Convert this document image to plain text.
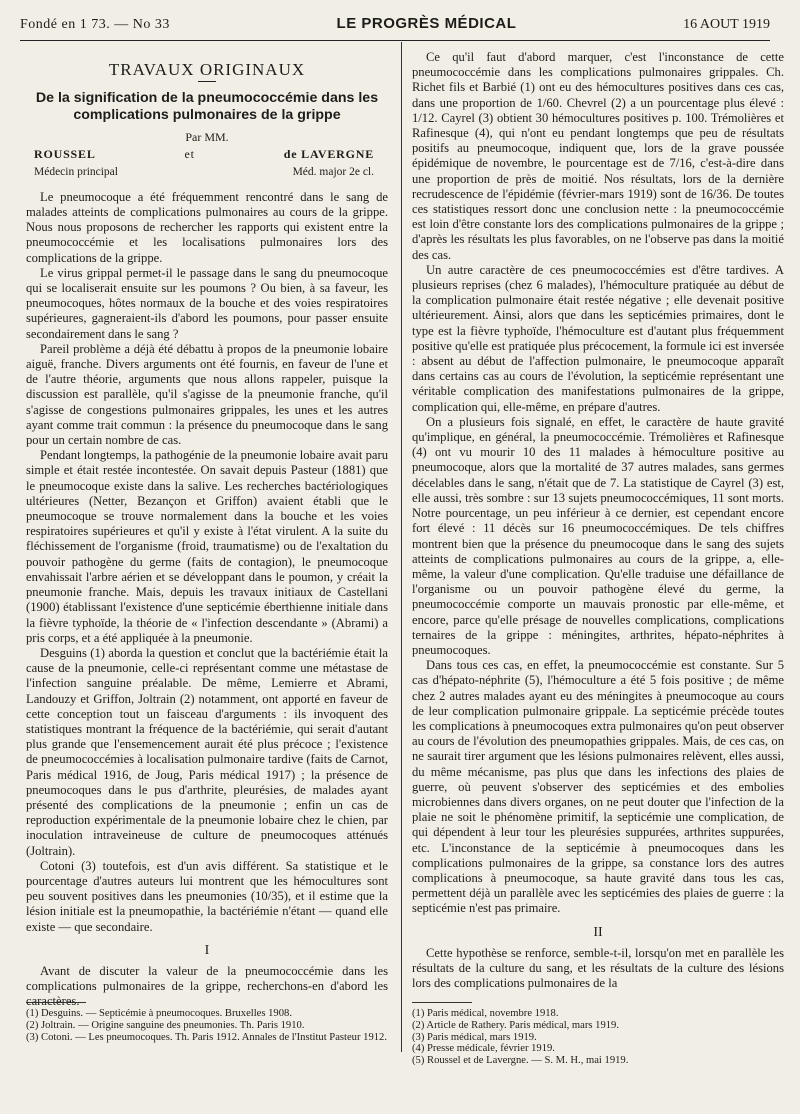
Fondé en 1 73. — No 33	LE PROGRÈS MÉDICAL	16 AOUT 1919
TRAVAUX ORIGINAUX
De la signification de la pneumococcémie dans les complications pulmonaires de la grippe
Par MM.
ROUSSEL	et	de LAVERGNE
Médecin principal	Méd. major 2e cl.

Le pneumocoque a été fréquemment rencontré dans le sang de malades atteints de complications pulmonaires au cours de la grippe. Nous nous proposons de rechercher les rapports qui existent entre la pneumococcémie et les localisations pulmonaires lors des complications de la grippe.

Le virus grippal permet-il le passage dans le sang du pneumocoque qui se localiserait ensuite sur les poumons ? Ou bien, à sa faveur, les pneumocoques, hôtes normaux de la bouche et des voies respiratoires supérieures, gagneraient-ils d'abord les poumons, pour passer ensuite secondairement dans le sang ?

Pareil problème a déjà été débattu à propos de la pneumonie lobaire aiguë, franche. Divers arguments ont été fournis, en faveur de l'une et de l'autre théorie, arguments que nous allons rappeler, puisque la discussion est parallèle, qu'il s'agisse de la pneumonie franche, qu'il s'agisse de congestions pulmonaires grippales, les unes et les autres ayant comme trait commun : la présence du pneumocoque dans le sang pour un certain nombre de cas.

Pendant longtemps, la pathogénie de la pneumonie lobaire avait paru simple et était restée incontestée. On savait depuis Pasteur (1881) que le pneumocoque existe dans la salive. Les recherches bactériologiques ultérieures (Netter, Bezançon et Griffon) avaient établi que le pneumocoque se trouve normalement dans la bouche et les voies respiratoires supérieures et qu'il y existe à l'état virulent. A la suite du fléchissement de l'organisme (froid, traumatisme) ou de l'exaltation du pouvoir pathogène du germe (faits de contagion), le pneumocoque envahissait l'arbre aérien et se développant dans le poumon, y créait la pneumonie franche. Mais, depuis les travaux initiaux de Castellani (1900) établissant l'existence d'une septicémie éberthienne initiale dans la fièvre typhoïde, la théorie de « l'infection descendante » (Abrami) a pris corps, et a été appliquée à la pneumonie.

Desguins (1) aborda la question et conclut que la bactériémie était la cause de la pneumonie, celle-ci représentant comme une métastase de l'infection sanguine préalable. De même, Lemierre et Abrami, Landouzy et Griffon, Joltrain (2) notamment, ont apporté en faveur de cette conception tout un faisceau d'arguments : ils invoquent des statistiques montrant la fréquence de la bactériémie, qui serait d'autant plus grande que l'ensemencement aurait été plus précoce ; l'existence de pneumococcémies à localisation pulmonaire tardive (faits de Carnot, Paris médical 1916, de Joug, Paris médical 1917) ; la présence de pneumocoques dans le pus d'arthrite, pleurésies, de malades ayant présenté des complications de la pneumonie ; enfin un cas de reproduction expérimentale de la pneumonie lobaire chez le chien, par inoculation intraveineuse de culture de pneumocoques atténués (Joltrain).

Cotoni (3) toutefois, est d'un avis différent. Sa statistique et le pourcentage d'autres auteurs lui montrent que les hémocultures sont peu souvent positives dans les pneumonies (10/35), et il estime que la lésion initiale est la pneumopathie, la bactériémie n'étant — quand elle existe — que secondaire.

I

Avant de discuter la valeur de la pneumococcémie dans les complications pulmonaires de la grippe, recherchons-en d'abord les caractères.

Ce qu'il faut d'abord marquer, c'est l'inconstance de cette pneumococcémie dans les complications pulmonaires grippales. Ch. Richet fils et Barbié (1) ont eu des hémocultures positives dans ces cas, dans une proportion de 1/60. Chevrel (2) a un pourcentage plus élevé : 1/12. Cayrel (3) obtient 30 hémocultures positives p. 100. Trémolières et Rafinesque (4), qui n'ont eu pendant longtemps que peu de résultats positifs au pneumocoque, indiquent que, lors de la grave poussée épidémique de novembre, le pourcentage est de 7/16, c'est-à-dire dans une proportion de près de moitié. Nos résultats, lors de la dernière recrudescence de l'épidémie (février-mars 1919) sont de 16/36. De toutes ces statistiques ressort donc une conclusion nette : la pneumococcémie est loin d'être constante lors des complications pulmonaires de la grippe ; d'après les résultats les plus favorables, on ne l'observe pas dans la moitié des cas.

Un autre caractère de ces pneumococcémies est d'être tardives. A plusieurs reprises (chez 6 malades), l'hémoculture pratiquée au début de la complication pulmonaire était restée négative ; elle devenait positive ultérieurement. Ainsi, alors que dans les septicémies primaires, dont le type est la fièvre typhoïde, l'hémoculture est d'autant plus fréquemment positive qu'elle est pratiquée plus précocement, la formule ici est inversée : absent au début de l'affection pulmonaire, le pneumocoque apparaît dans certains cas au cours de l'évolution, la septicémie représentant une véritable complication des manifestations pulmonaires de la grippe, complication qui, elle-même, en prépare d'autres.

On a plusieurs fois signalé, en effet, le caractère de haute gravité qu'implique, en général, la pneumococcémie. Trémolières et Rafinesque (4) ont vu mourir 10 des 11 malades à hémoculture positive au pneumocoque, alors que la mortalité de 37 autres malades, sans germes décelables dans le sang, n'était que de 7. La statistique de Cayrel (3) est, elle aussi, très sombre : sur 13 sujets pneumococcémiques, 11 sont morts. Notre pourcentage, un peu inférieur à ce dernier, est cependant encore fort élevé : 11 décès sur 16 pneumococcémiques. De tels chiffres montrent bien que la présence du pneumocoque dans le sang des sujets atteints de complications pulmonaires au cours de la grippe, a, elle-même, la valeur d'une complication. Qu'elle traduise une défaillance de l'organisme ou un pouvoir pathogène élevé du germe, la pneumococcémie comporte un mauvais pronostic par elle-même, et encore, parce qu'elle présage de nouvelles complications, complications ternaires de la grippe : méningites, arthrites, hépato-néphrites à pneumocoques.

Dans tous ces cas, en effet, la pneumococcémie est constante. Sur 5 cas d'hépato-néphrite (5), l'hémoculture a été 5 fois positive ; de même chez 2 autres malades ayant eu des méningites à pneumocoque au cours de leur complication pulmonaire grippale. La septicémie précède toutes les complications à pneumocoques extra pulmonaires qu'on peut observer au cours de l'évolution des pneumopathies grippales. Mais, de ces cas, on ne saurait tirer argument que les lésions pulmonaires relèvent, elles aussi, du même mécanisme, pas plus que dans les infections des plaies de guerre, où peuvent s'observer des septicémies et des embolies microbiennes dans divers organes, on ne peut douter que l'infection de la plaie ne soit le phénomène primitif, la septicémie une complication, de qui dépendent à leur tour les pleurésies suppurées, arthrites suppurées, etc. L'inconstance de la septicémie à pneumocoques dans les complications pulmonaires de la grippe, sa constance lors des autres complications à pneumocoque, sa haute gravité dans tous les cas, permettent déjà un parallèle avec les septicémies des plaies de guerre : la septicémie n'est pas primaire.

II

Cette hypothèse se renforce, semble-t-il, lorsqu'on met en parallèle les résultats de la culture du sang, et les résultats de la culture des lésions lors des complications pulmonaires de la

(1) Desguins. — Septicémie à pneumocoques. Bruxelles 1908.
(2) Joltrain. — Origine sanguine des pneumonies. Th. Paris 1910.
(3) Cotoni. — Les pneumocoques. Th. Paris 1912. Annales de l'Institut Pasteur 1912.
(1) Paris médical, novembre 1918.
(2) Article de Rathery. Paris médical, mars 1919.
(3) Paris médical, mars 1919.
(4) Presse médicale, février 1919.
(5) Roussel et de Lavergne. — S. M. H., mai 1919.
